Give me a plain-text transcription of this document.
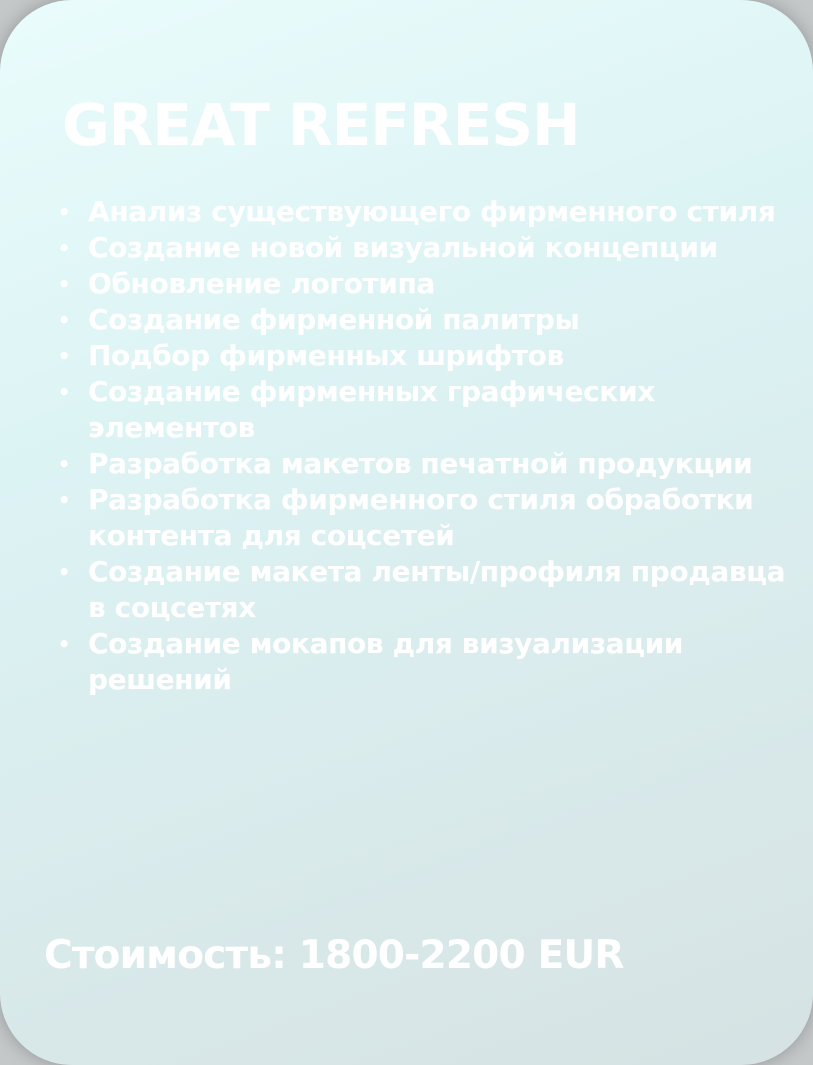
GREAT REFRESH
• Анализ существующего фирменного стиля
• Создание новой визуальной концепции
• Обновление логотипа
• Создание фирменной палитры
• Подбор фирменных шрифтов
• Создание фирменных графических элементов
• Разработка макетов печатной продукции
• Разработка фирменного стиля обработки контента для соцсетей
• Создание макета ленты/профиля продавца в соцсетях
• Создание мокапов для визуализации решений

Стоимость: 1800-2200 EUR
